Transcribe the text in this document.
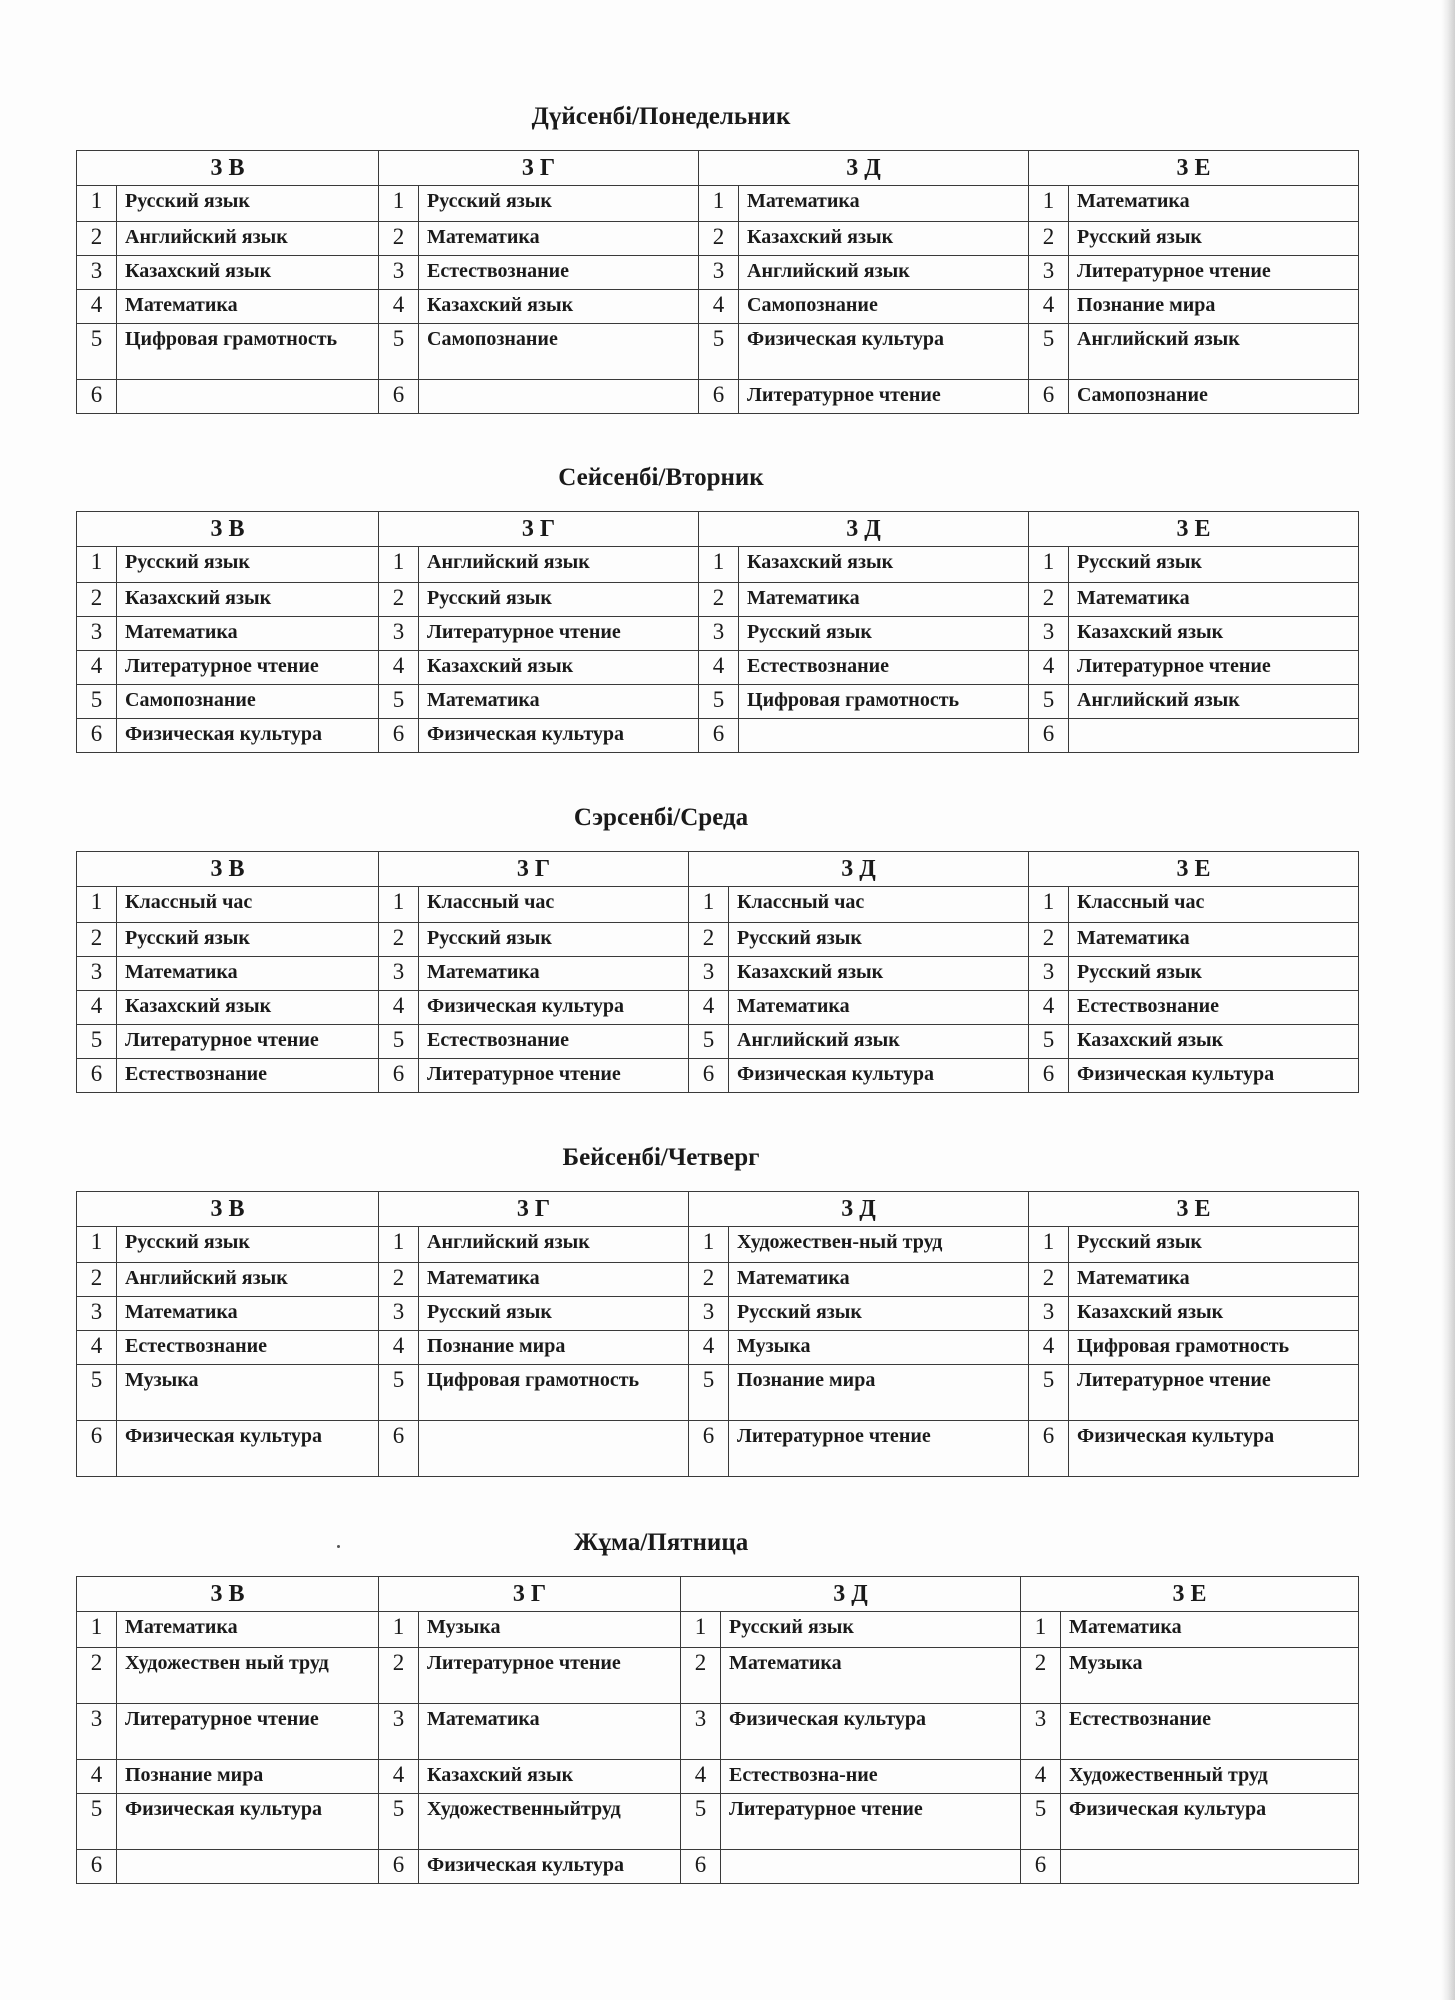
Дүйсенбі/Понедельник
3 В		3 Г		3 Д		3 Е	
1	Русский язык	1	Русский язык	1	Математика	1	Математика
2	Английский язык	2	Математика	2	Казахский язык	2	Русский язык
3	Казахский язык	3	Естествознание	3	Английский язык	3	Литературное чтение
4	Математика	4	Казахский язык	4	Самопознание	4	Познание мира
5	Цифровая грамотность	5	Самопознание	5	Физическая культура	5	Английский язык
6		6		6	Литературное чтение	6	Самопознание
Сейсенбі/Вторник
3 В		3 Г		3 Д		3 Е	
1	Русский язык	1	Английский язык	1	Казахский язык	1	Русский язык
2	Казахский язык	2	Русский язык	2	Математика	2	Математика
3	Математика	3	Литературное чтение	3	Русский язык	3	Казахский язык
4	Литературное чтение	4	Казахский язык	4	Естествознание	4	Литературное чтение
5	Самопознание	5	Математика	5	Цифровая грамотность	5	Английский язык
6	Физическая культура	6	Физическая культура	6		6	
Сэрсенбі/Среда
3 В		3 Г		3 Д		3 Е	
1	Классный час	1	Классный час	1	Классный час	1	Классный час
2	Русский язык	2	Русский язык	2	Русский язык	2	Математика
3	Математика	3	Математика	3	Казахский язык	3	Русский язык
4	Казахский язык	4	Физическая культура	4	Математика	4	Естествознание
5	Литературное чтение	5	Естествознание	5	Английский язык	5	Казахский язык
6	Естествознание	6	Литературное чтение	6	Физическая культура	6	Физическая культура
Бейсенбі/Четверг
3 В		3 Г		3 Д		3 Е	
1	Русский язык	1	Английский язык	1	Художествен-ный труд	1	Русский язык
2	Английский язык	2	Математика	2	Математика	2	Математика
3	Математика	3	Русский язык	3	Русский язык	3	Казахский язык
4	Естествознание	4	Познание мира	4	Музыка	4	Цифровая грамотность
5	Музыка	5	Цифровая грамотность	5	Познание мира	5	Литературное чтение
6	Физическая культура	6		6	Литературное чтение	6	Физическая культура
Жұма/Пятница
3 В		3 Г		3 Д		3 Е	
1	Математика	1	Музыка	1	Русский язык	1	Математика
2	Художествен ный труд	2	Литературное чтение	2	Математика	2	Музыка
3	Литературное чтение	3	Математика	3	Физическая культура	3	Естествознание
4	Познание мира	4	Казахский язык	4	Естествозна-ние	4	Художественный труд
5	Физическая культура	5	Художественныйтруд	5	Литературное чтение	5	Физическая культура
6		6	Физическая культура	6		6	
